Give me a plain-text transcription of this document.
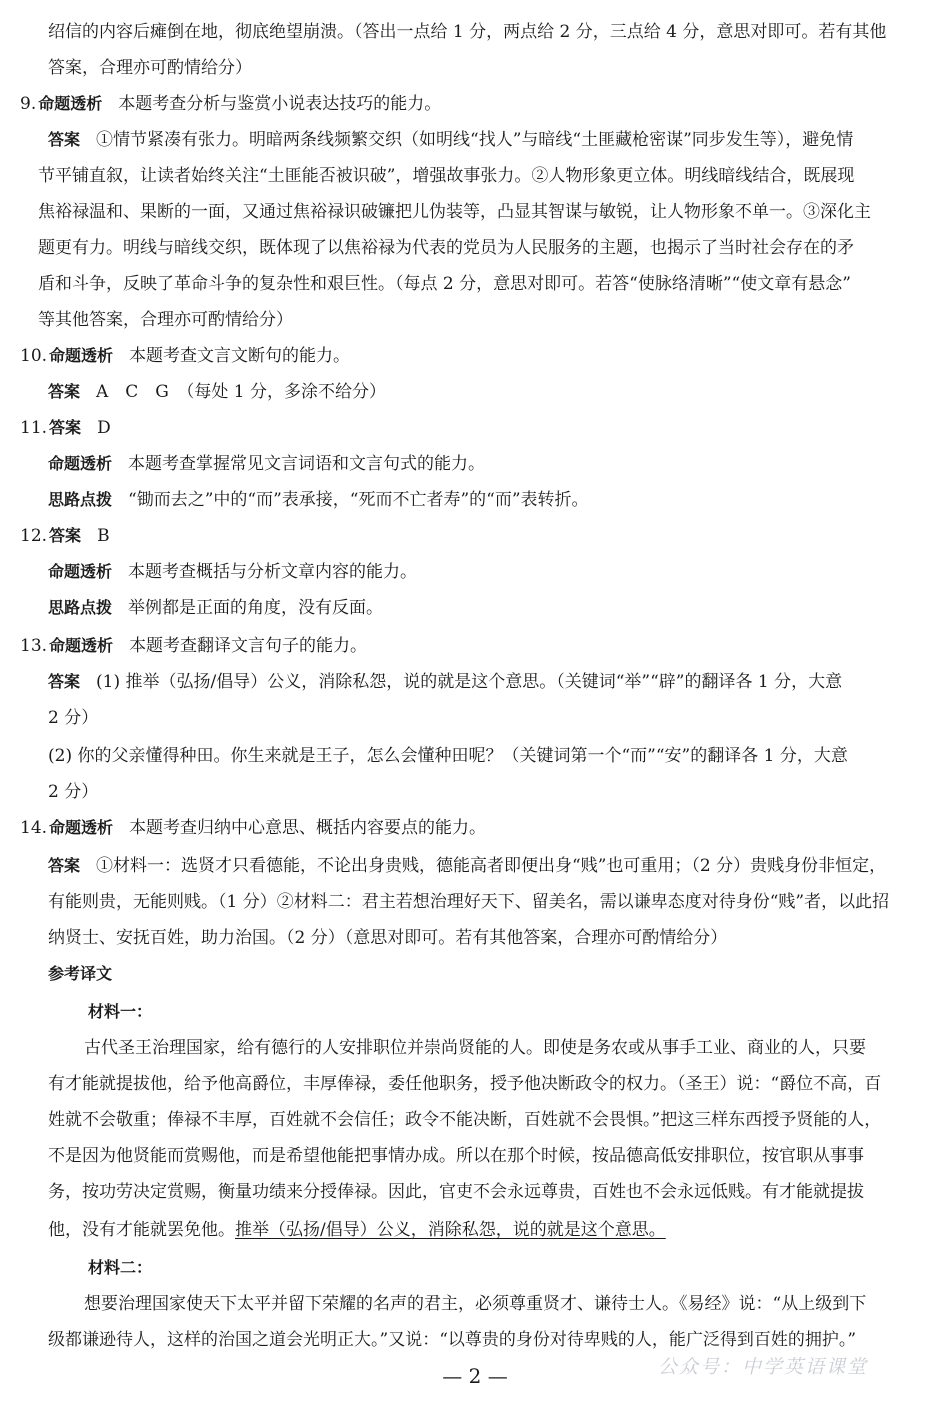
绍信的内容后瘫倒在地，彻底绝望崩溃。（答出一点给 1 分，两点给 2 分，三点给 4 分，意思对即可。若有其他
答案，合理亦可酌情给分）
9. 命题透析 本题考查分析与鉴赏小说表达技巧的能力。
答案 ①情节紧凑有张力。明暗两条线频繁交织（如明线“找人”与暗线“土匪藏枪密谋”同步发生等），避免情
节平铺直叙，让读者始终关注“土匪能否被识破”，增强故事张力。②人物形象更立体。明线暗线结合，既展现
焦裕禄温和、果断的一面，又通过焦裕禄识破镰把儿伪装等，凸显其智谋与敏锐，让人物形象不单一。③深化主
题更有力。明线与暗线交织，既体现了以焦裕禄为代表的党员为人民服务的主题，也揭示了当时社会存在的矛
盾和斗争，反映了革命斗争的复杂性和艰巨性。（每点 2 分，意思对即可。若答“使脉络清晰”“使文章有悬念”
等其他答案，合理亦可酌情给分）
10. 命题透析 本题考查文言文断句的能力。
答案 A　C　G　（每处 1 分，多涂不给分）
11. 答案 D
命题透析 本题考查掌握常见文言词语和文言句式的能力。
思路点拨 “锄而去之”中的“而”表承接，“死而不亡者寿”的“而”表转折。
12. 答案 B
命题透析 本题考查概括与分析文章内容的能力。
思路点拨 举例都是正面的角度，没有反面。
13. 命题透析 本题考查翻译文言句子的能力。
答案 (1) 推举（弘扬/倡导）公义，消除私怨，说的就是这个意思。（关键词“举”“辟”的翻译各 1 分，大意
2 分）
(2) 你的父亲懂得种田。你生来就是王子，怎么会懂种田呢？（关键词第一个“而”“安”的翻译各 1 分，大意
2 分）
14. 命题透析 本题考查归纳中心意思、概括内容要点的能力。
答案 ①材料一：选贤才只看德能，不论出身贵贱，德能高者即便出身“贱”也可重用；（2 分）贵贱身份非恒定，
有能则贵，无能则贱。（1 分）②材料二：君主若想治理好天下、留美名，需以谦卑态度对待身份“贱”者，以此招
纳贤士、安抚百姓，助力治国。（2 分）（意思对即可。若有其他答案，合理亦可酌情给分）
参考译文
材料一：
古代圣王治理国家，给有德行的人安排职位并崇尚贤能的人。即使是务农或从事手工业、商业的人，只要
有才能就提拔他，给予他高爵位，丰厚俸禄，委任他职务，授予他决断政令的权力。（圣王）说：“爵位不高，百
姓就不会敬重；俸禄不丰厚，百姓就不会信任；政令不能决断，百姓就不会畏惧。”把这三样东西授予贤能的人，
不是因为他贤能而赏赐他，而是希望他能把事情办成。所以在那个时候，按品德高低安排职位，按官职从事事
务，按功劳决定赏赐，衡量功绩来分授俸禄。因此，官吏不会永远尊贵，百姓也不会永远低贱。有才能就提拔
他，没有才能就罢免他。推举（弘扬/倡导）公义，消除私怨，说的就是这个意思。
材料二：
想要治理国家使天下太平并留下荣耀的名声的君主，必须尊重贤才、谦待士人。《易经》说：“从上级到下
级都谦逊待人，这样的治国之道会光明正大。”又说：“以尊贵的身份对待卑贱的人，能广泛得到百姓的拥护。”
公众号：中学英语课堂
— 2 —
